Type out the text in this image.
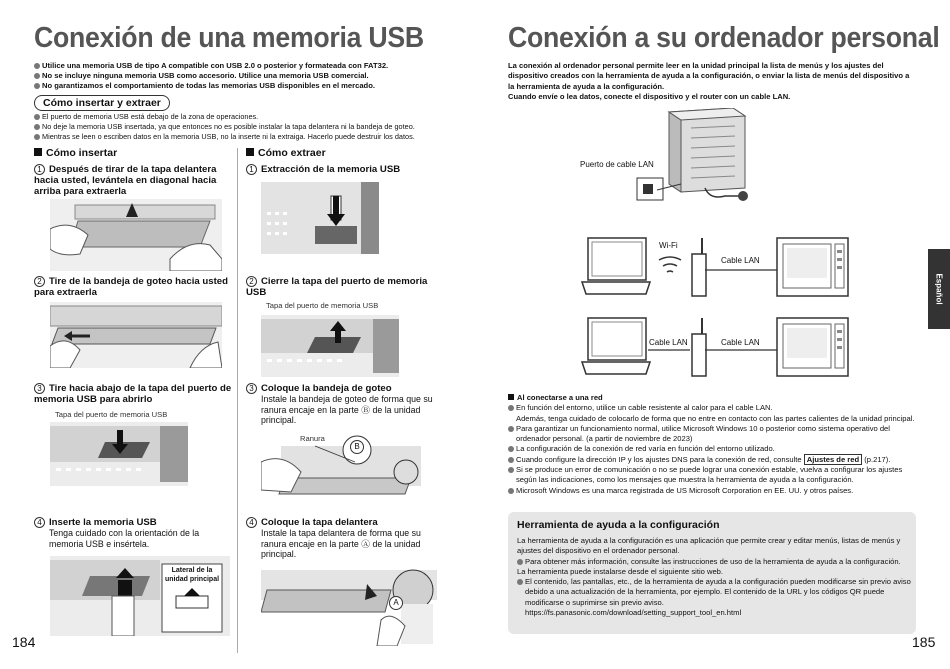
Conexión de una memoria USB
Utilice una memoria USB de tipo A compatible con USB 2.0 o posterior y formateada con FAT32.
No se incluye ninguna memoria USB como accesorio. Utilice una memoria USB comercial.
No garantizamos el comportamiento de todas las memorias USB disponibles en el mercado.
Cómo insertar y extraer
El puerto de memoria USB está debajo de la zona de operaciones.
No deje la memoria USB insertada, ya que entonces no es posible instalar la tapa delantera ni la bandeja de goteo.
Mientras se leen o escriben datos en la memoria USB, no la inserte ni la extraiga. Hacerlo puede destruir los datos.
Cómo insertar	Cómo extraer
1 Después de tirar de la tapa delantera hacia usted, levántela en diagonal hacia arriba para extraerla
2 Tire de la bandeja de goteo hacia usted para extraerla
3 Tire hacia abajo de la tapa del puerto de memoria USB para abrirlo
Tapa del puerto de memoria USB
4 Inserte la memoria USB
Tenga cuidado con la orientación de la memoria USB e insértela.
Lateral de la unidad principal
1 Extracción de la memoria USB
2 Cierre la tapa del puerto de memoria USB
Tapa del puerto de memoria USB
3 Coloque la bandeja de goteo
Instale la bandeja de goteo de forma que su ranura encaje en la parte Ⓑ de la unidad principal.
Ranura
B
4 Coloque la tapa delantera
Instale la tapa delantera de forma que su ranura encaje en la parte Ⓐ de la unidad principal.
A
184
Conexión a su ordenador personal
La conexión al ordenador personal permite leer en la unidad principal la lista de menús y los ajustes del dispositivo creados con la herramienta de ayuda a la configuración, o enviar la lista de menús del dispositivo a la herramienta de ayuda a la configuración.
Cuando envíe o lea datos, conecte el dispositivo y el router con un cable LAN.
Puerto de cable LAN
Wi-Fi
Cable LAN
Cable LAN	Cable LAN
Al conectarse a una red
En función del entorno, utilice un cable resistente al calor para el cable LAN.
Además, tenga cuidado de colocarlo de forma que no entre en contacto con las partes calientes de la unidad principal.
Para garantizar un funcionamiento normal, utilice Microsoft Windows 10 o posterior como sistema operativo del ordenador personal. (a partir de noviembre de 2023)
La configuración de la conexión de red varía en función del entorno utilizado.
Cuando configure la dirección IP y los ajustes DNS para la conexión de red, consulte Ajustes de red (p.217).
Si se produce un error de comunicación o no se puede lograr una conexión estable, vuelva a configurar los ajustes según las indicaciones, como los mensajes que muestra la herramienta de ayuda a la configuración.
Microsoft Windows es una marca registrada de US Microsoft Corporation en EE. UU. y otros países.
Herramienta de ayuda a la configuración
La herramienta de ayuda a la configuración es una aplicación que permite crear y editar menús, listas de menús y ajustes del dispositivo en el ordenador personal.
Para obtener más información, consulte las instrucciones de uso de la herramienta de ayuda a la configuración.
La herramienta puede instalarse desde el siguiente sitio web.
El contenido, las pantallas, etc., de la herramienta de ayuda a la configuración pueden modificarse sin previo aviso debido a una actualización de la herramienta, por ejemplo. El contenido de la URL y los códigos QR puede modificarse o suprimirse sin previo aviso.
https://fs.panasonic.com/download/setting_support_tool_en.html
Español
185
